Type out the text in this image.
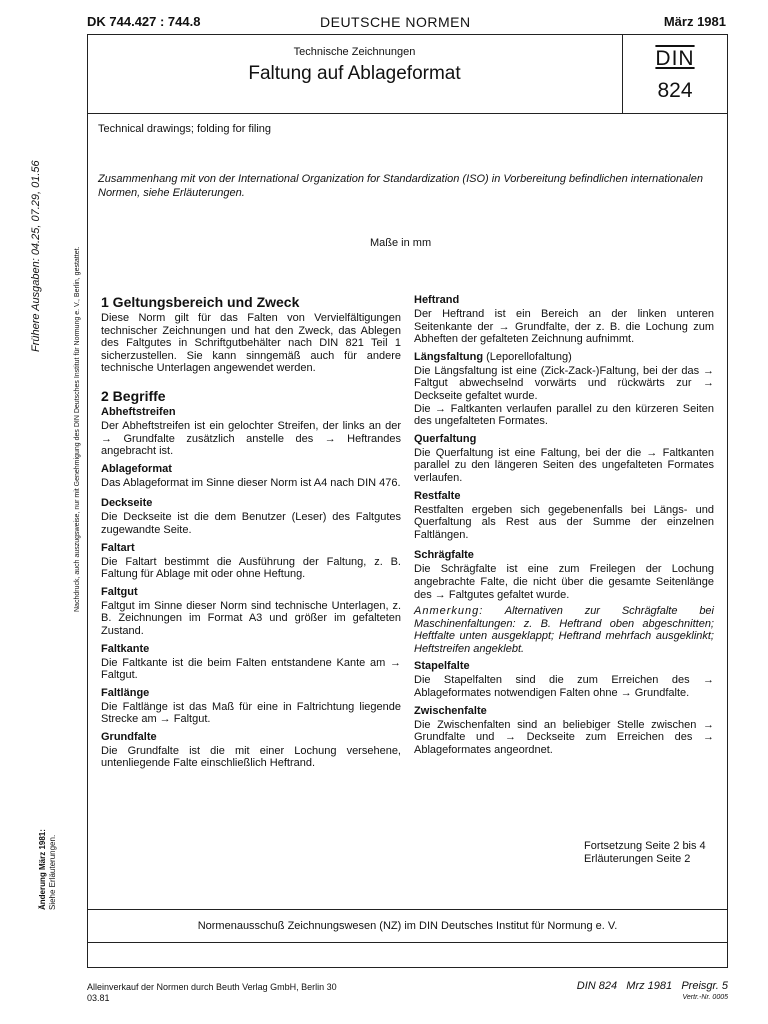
DK 744.427 : 744.8	DEUTSCHE NORMEN	März 1981
Technische Zeichnungen
Faltung auf Ablageformat
DIN
824
Technical drawings; folding for filing
Zusammenhang mit von der International Organization for Standardization (ISO) in Vorbereitung befindlichen internationalen Normen, siehe Erläuterungen.
Maße in mm
1 Geltungsbereich und Zweck

Diese Norm gilt für das Falten von Vervielfältigungen technischer Zeichnungen und hat den Zweck, das Ablegen des Faltgutes in Schriftgutbehälter nach DIN 821 Teil 1 sicherzustellen. Sie kann sinngemäß auch für andere technische Unterlagen angewendet werden.

2 Begriffe
Abheftstreifen

Der Abheftstreifen ist ein gelochter Streifen, der links an der → Grundfalte zusätzlich anstelle des → Heftrandes angebracht ist.

Ablageformat

Das Ablageformat im Sinne dieser Norm ist A4 nach DIN 476.

Deckseite

Die Deckseite ist die dem Benutzer (Leser) des Faltgutes zugewandte Seite.

Faltart

Die Faltart bestimmt die Ausführung der Faltung, z. B. Faltung für Ablage mit oder ohne Heftung.

Faltgut

Faltgut im Sinne dieser Norm sind technische Unterlagen, z. B. Zeichnungen im Format A3 und größer im gefalteten Zustand.

Faltkante

Die Faltkante ist die beim Falten entstandene Kante am → Faltgut.

Faltlänge

Die Faltlänge ist das Maß für eine in Faltrichtung liegende Strecke am → Faltgut.

Grundfalte

Die Grundfalte ist die mit einer Lochung versehene, untenliegende Falte einschließlich Heftrand.

Heftrand

Der Heftrand ist ein Bereich an der linken unteren Seitenkante der → Grundfalte, der z. B. die Lochung zum Abheften der gefalteten Zeichnung aufnimmt.

Längsfaltung (Leporellofaltung)

Die Längsfaltung ist eine (Zick-Zack-)Faltung, bei der das → Faltgut abwechselnd vorwärts und rückwärts zur → Deckseite gefaltet wurde.

Die → Faltkanten verlaufen parallel zu den kürzeren Seiten des ungefalteten Formates.

Querfaltung

Die Querfaltung ist eine Faltung, bei der die → Faltkanten parallel zu den längeren Seiten des ungefalteten Formates verlaufen.

Restfalte

Restfalten ergeben sich gegebenenfalls bei Längs- und Querfaltung als Rest aus der Summe der einzelnen Faltlängen.

Schrägfalte

Die Schrägfalte ist eine zum Freilegen der Lochung angebrachte Falte, die nicht über die gesamte Seitenlänge des → Faltgutes gefaltet wurde.

Anmerkung: Alternativen zur Schrägfalte bei Maschinenfaltungen: z. B. Heftrand oben abgeschnitten; Heftfalte unten ausgeklappt; Heftrand mehrfach ausgeklinkt; Heftstreifen angeklebt.

Stapelfalte

Die Stapelfalten sind die zum Erreichen des → Ablageformates notwendigen Falten ohne → Grundfalte.

Zwischenfalte

Die Zwischenfalten sind an beliebiger Stelle zwischen → Grundfalte und → Deckseite zum Erreichen des → Ablageformates angeordnet.

Fortsetzung Seite 2 bis 4
Erläuterungen Seite 2
Normenausschuß Zeichnungswesen (NZ) im DIN Deutsches Institut für Normung e. V.
Frühere Ausgaben: 04.25, 07.29, 01.56	Nachdruck, auch auszugsweise, nur mit Genehmigung des DIN Deutsches Institut für Normung e. V., Berlin, gestattet.
Änderung März 1981: Siehe Erläuterungen.
Alleinverkauf der Normen durch Beuth Verlag GmbH, Berlin 30
03.81
DIN 824   Mrz 1981   Preisgr. 5
Vertr.-Nr. 0005
